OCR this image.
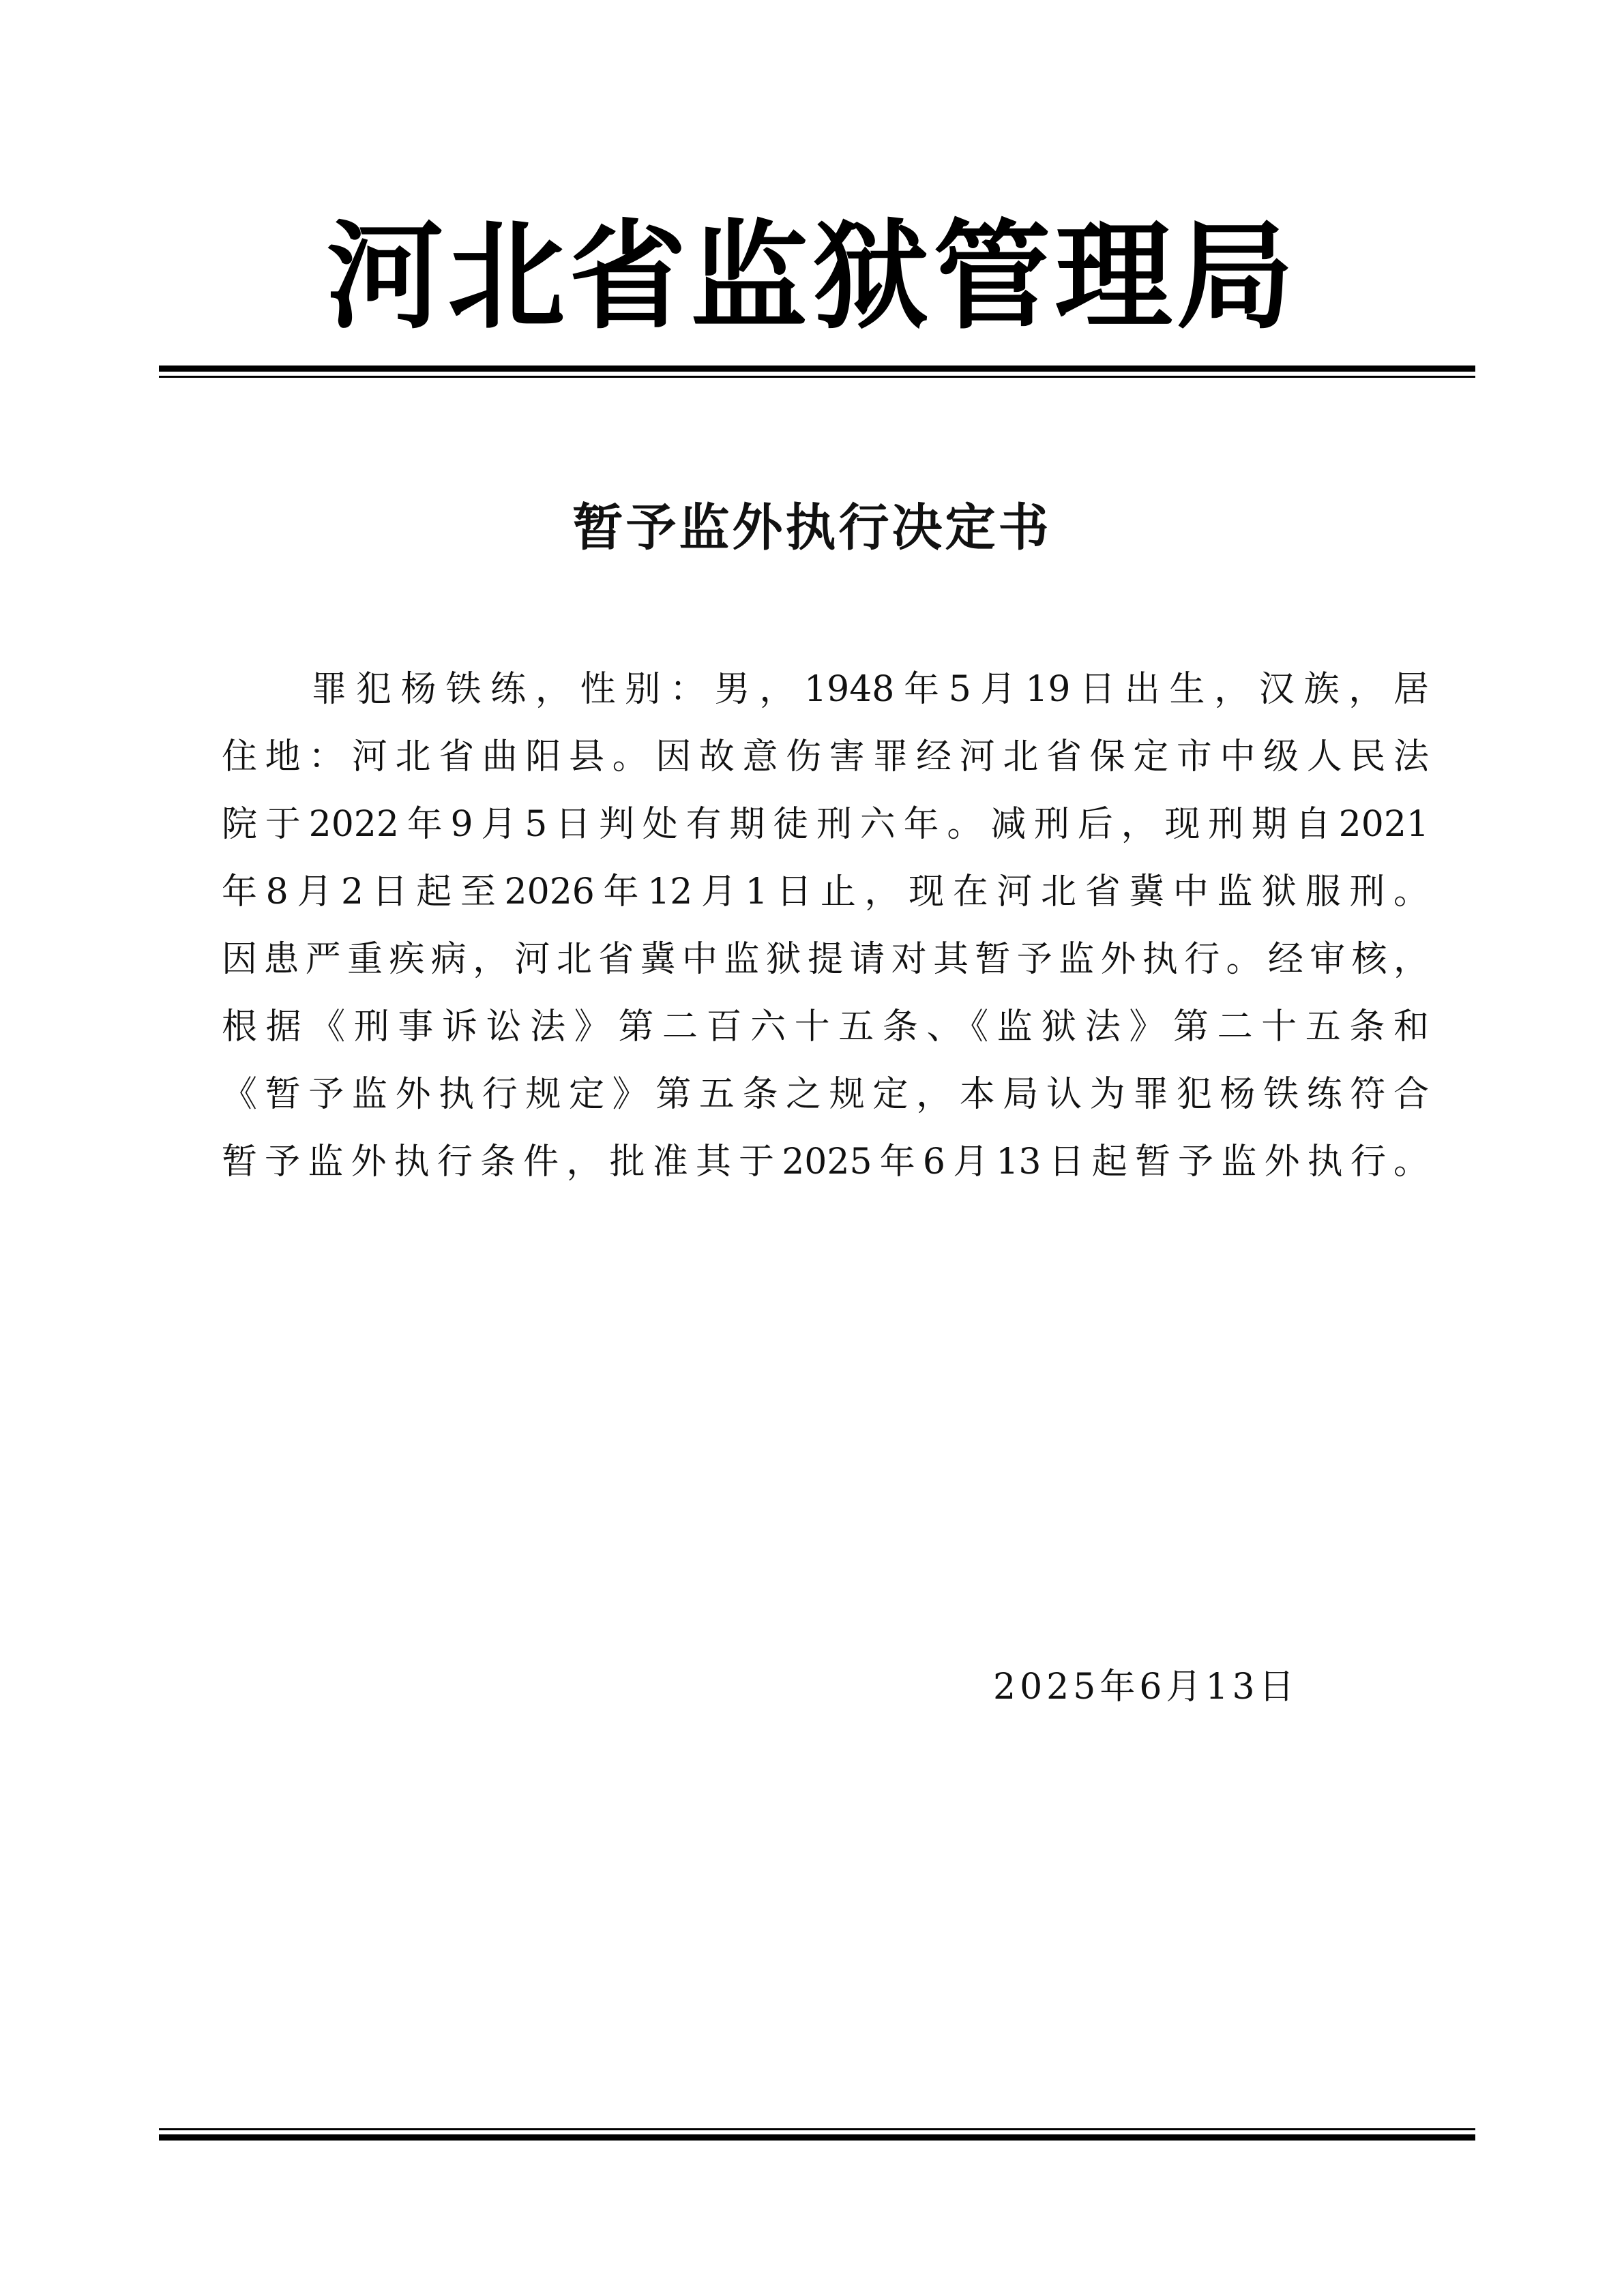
河北省监狱管理局
暂予监外执行决定书
　　罪犯杨铁练，性别：男，1948年5月19日出生，汉族，居
住地：河北省曲阳县。因故意伤害罪经河北省保定市中级人民法
院于2022年9月5日判处有期徒刑六年。减刑后，现刑期自2021
年8月2日起至2026年12月1日止，现在河北省冀中监狱服刑。
因患严重疾病，河北省冀中监狱提请对其暂予监外执行。经审核，
根据《刑事诉讼法》第二百六十五条、《监狱法》第二十五条和
《暂予监外执行规定》第五条之规定，本局认为罪犯杨铁练符合
暂予监外执行条件，批准其于2025年6月13日起暂予监外执行。
2025年6月13日
